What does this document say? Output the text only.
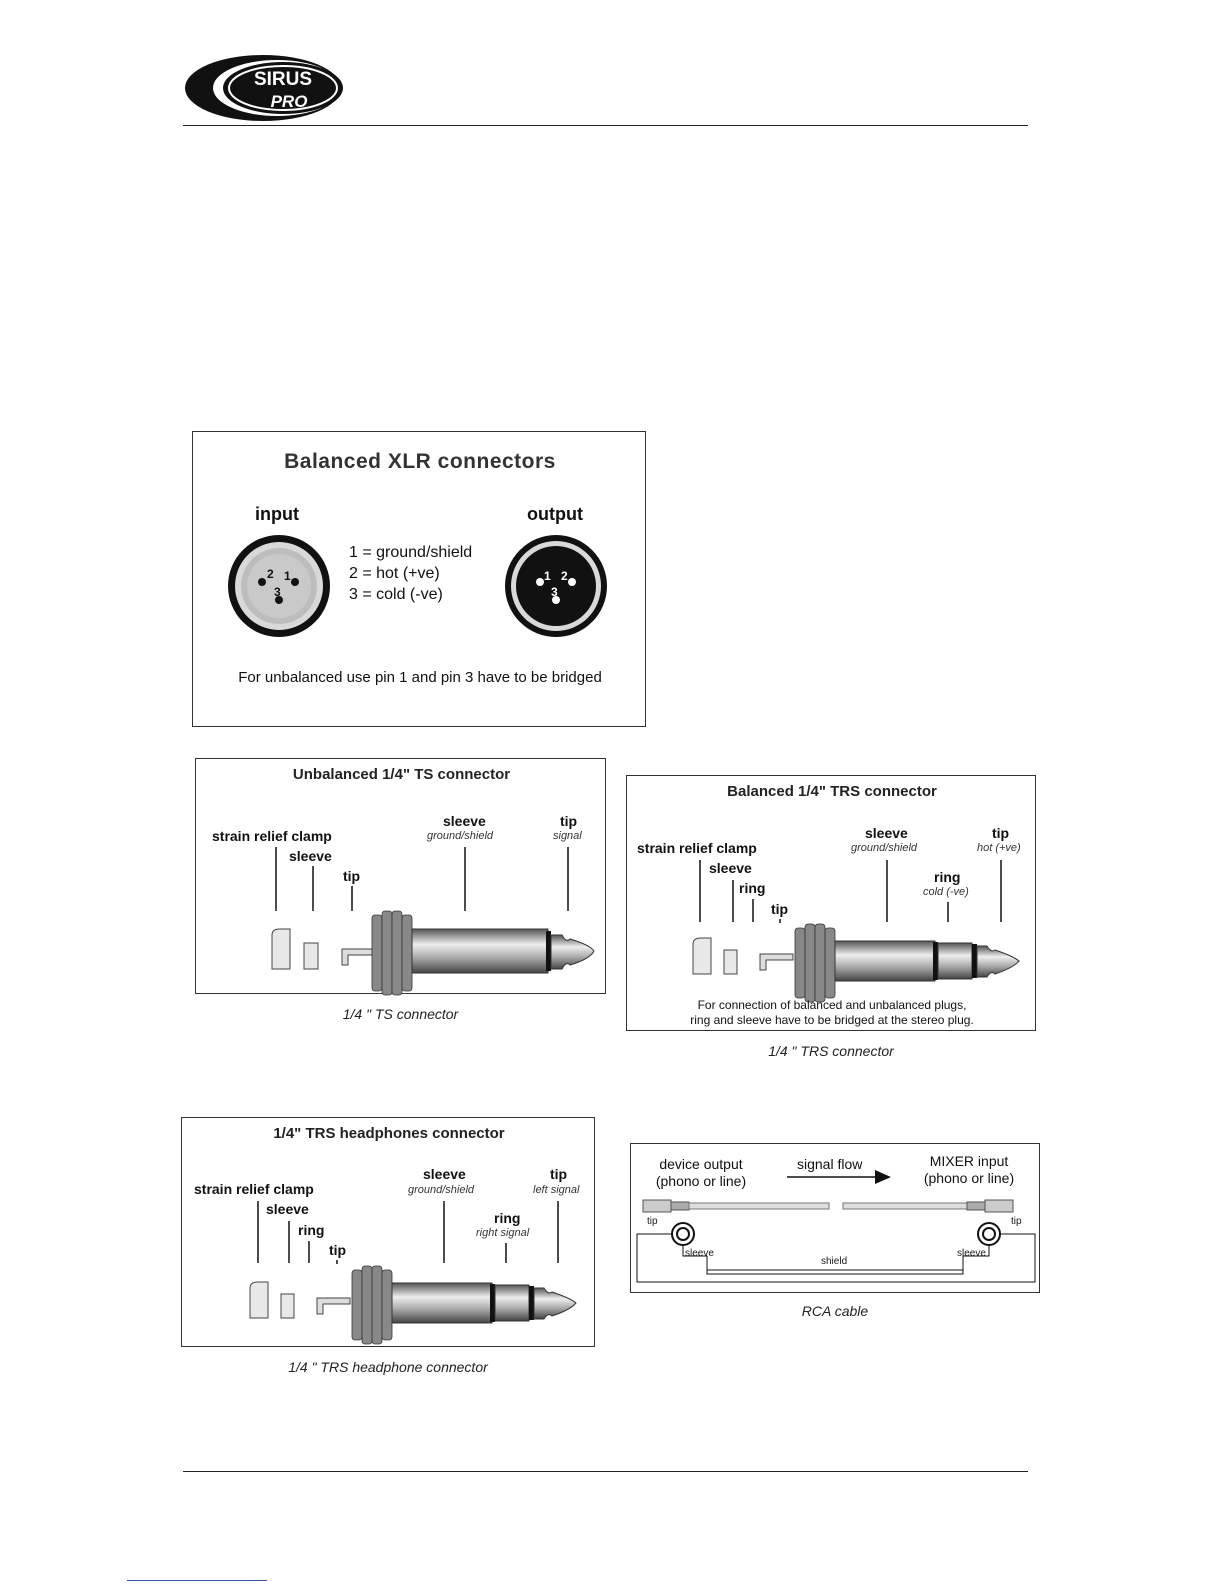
SIRUS
PRO
Balanced XLR connectors
input	output
2 1
3
1 2
3
1 = ground/shield
2 = hot (+ve)
3 = cold (-ve)
For unbalanced use pin 1 and pin 3 have to be bridged
Unbalanced 1/4" TS connector
strain relief clamp
sleeve
tip
sleeve
ground/shield
tip
signal
1/4 " TS connector
Balanced 1/4" TRS connector
strain relief clamp
sleeve
ring
tip
sleeve
ground/shield
ring
cold (-ve)
tip
hot (+ve)
For connection of balanced and unbalanced plugs,
ring and sleeve have to be bridged at the stereo plug.
1/4 " TRS connector
1/4" TRS headphones connector
strain relief clamp
sleeve
ring
tip
sleeve
ground/shield
ring
right signal
tip
left signal
1/4 " TRS headphone connector
device output
(phono or line)
signal flow	MIXER input
(phono or line)
tip	tip
sleeve	sleeve
shield
RCA cable
